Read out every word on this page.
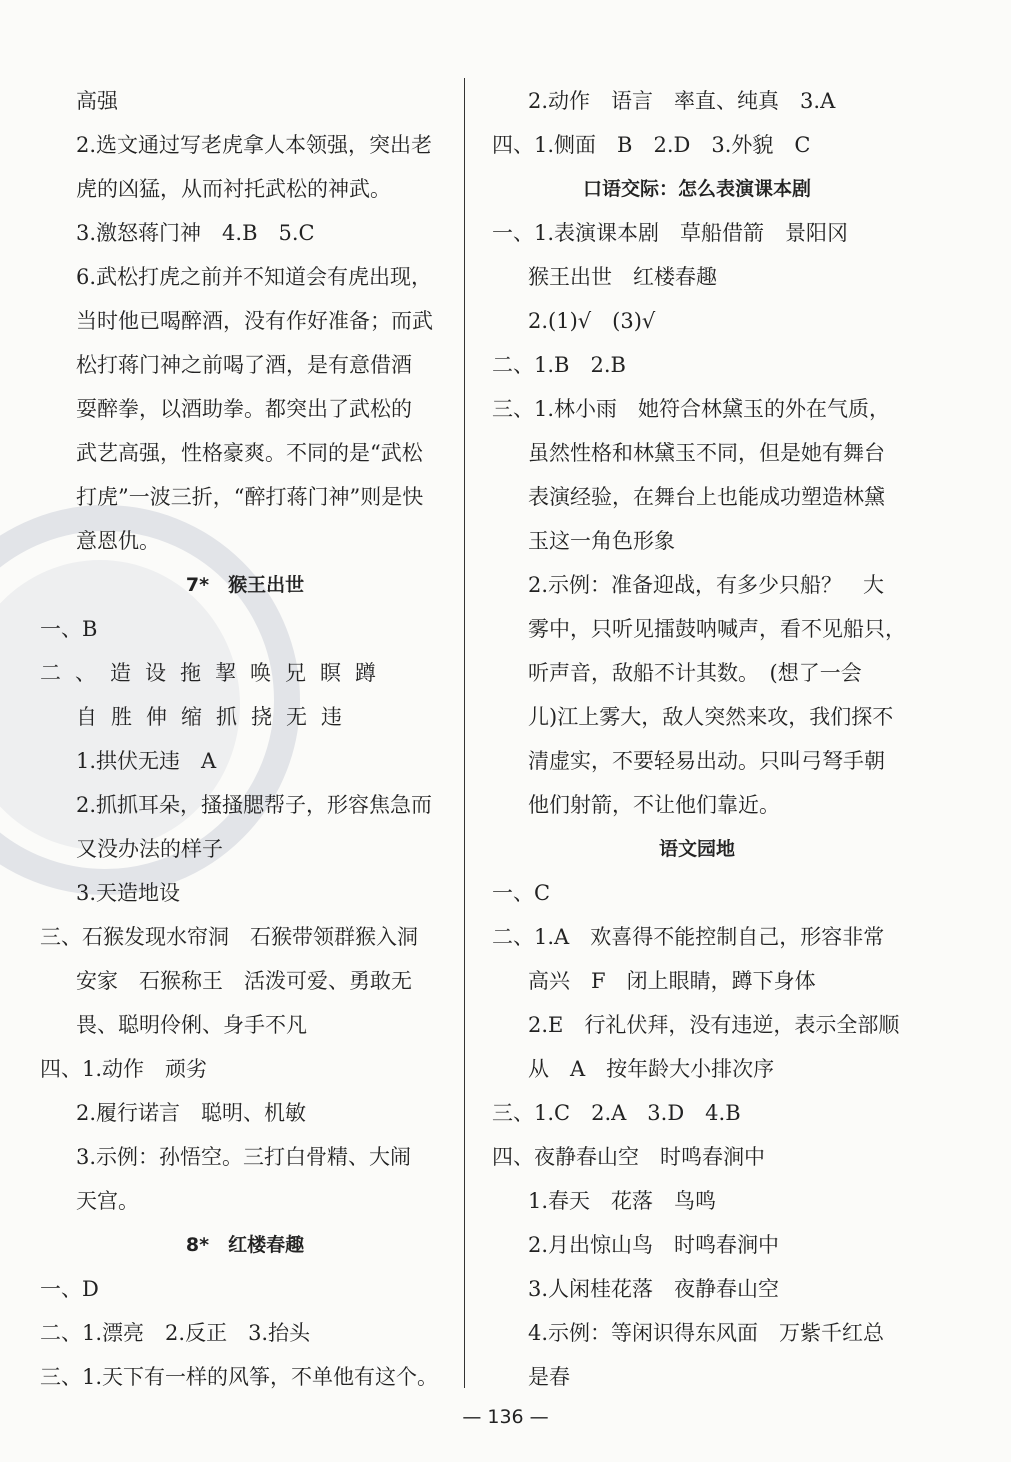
高强
2.选文通过写老虎拿人本领强，突出老
虎的凶猛，从而衬托武松的神武。
3.激怒蒋门神　4.B　5.C
6.武松打虎之前并不知道会有虎出现，
当时他已喝醉酒，没有作好准备；而武
松打蒋门神之前喝了酒，是有意借酒
耍醉拳，以酒助拳。都突出了武松的
武艺高强，性格豪爽。不同的是“武松
打虎”一波三折，“醉打蒋门神”则是快
意恩仇。
7*　猴王出世
一、B
二、造设拖挈唤兄瞑蹲
自胜伸缩抓挠无违
1.拱伏无违　A
2.抓抓耳朵，搔搔腮帮子，形容焦急而
又没办法的样子
3.天造地设
三、石猴发现水帘洞　石猴带领群猴入洞
安家　石猴称王　活泼可爱、勇敢无
畏、聪明伶俐、身手不凡
四、1.动作　顽劣
2.履行诺言　聪明、机敏
3.示例：孙悟空。三打白骨精、大闹
天宫。
8*　红楼春趣
一、D
二、1.漂亮　2.反正　3.抬头
三、1.天下有一样的风筝，不单他有这个。
2.动作　语言　率直、纯真　3.A
四、1.侧面　B　2.D　3.外貌　C
口语交际：怎么表演课本剧
一、1.表演课本剧　草船借箭　景阳冈
猴王出世　红楼春趣
2.(1)√　(3)√
二、1.B　2.B
三、1.林小雨　她符合林黛玉的外在气质，
虽然性格和林黛玉不同，但是她有舞台
表演经验，在舞台上也能成功塑造林黛
玉这一角色形象
2.示例：准备迎战，有多少只船？　大
雾中，只听见擂鼓呐喊声，看不见船只，
听声音，敌船不计其数。　(想了一会
儿)江上雾大，敌人突然来攻，我们探不
清虚实，不要轻易出动。只叫弓弩手朝
他们射箭，不让他们靠近。
语文园地
一、C
二、1.A　欢喜得不能控制自己，形容非常
高兴　F　闭上眼睛，蹲下身体
2.E　行礼伏拜，没有违逆，表示全部顺
从　A　按年龄大小排次序
三、1.C　2.A　3.D　4.B
四、夜静春山空　时鸣春涧中
1.春天　花落　鸟鸣
2.月出惊山鸟　时鸣春涧中
3.人闲桂花落　夜静春山空
4.示例：等闲识得东风面　万紫千红总
是春
— 136 —
